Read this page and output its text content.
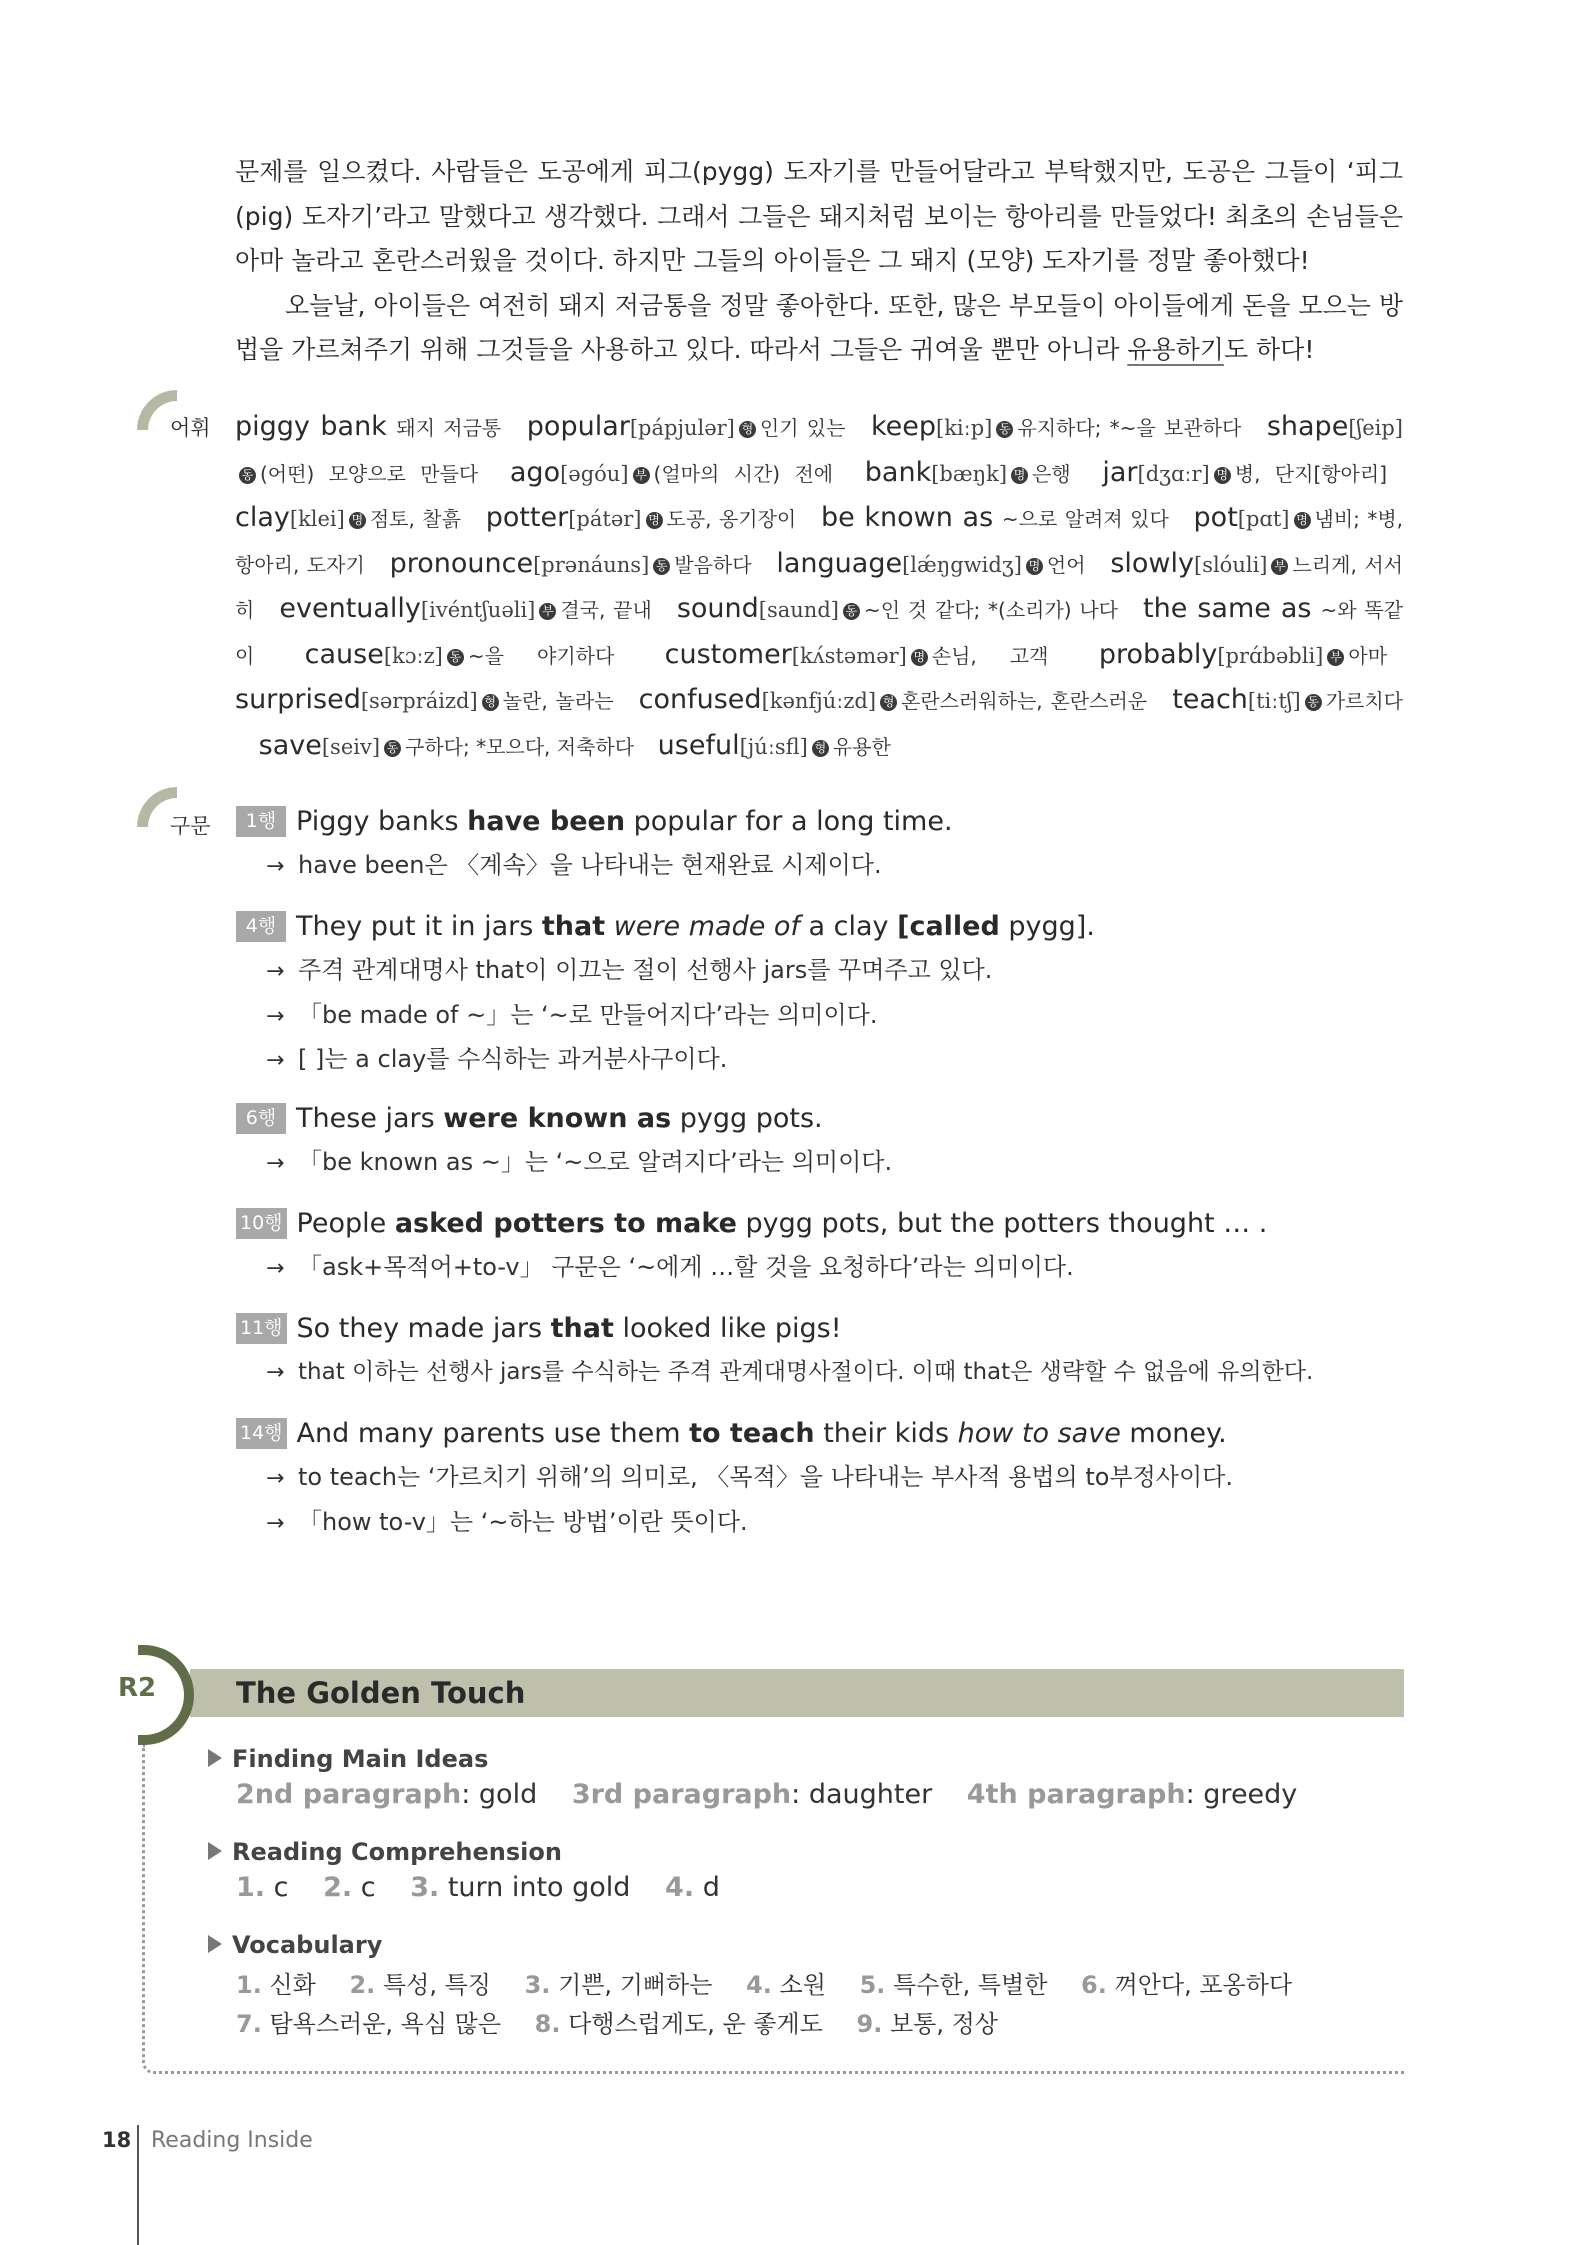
문제를 일으켰다. 사람들은 도공에게 피그(pygg) 도자기를 만들어달라고 부탁했지만, 도공은 그들이 ‘피그(pig) 도자기’라고 말했다고 생각했다. 그래서 그들은 돼지처럼 보이는 항아리를 만들었다! 최초의 손님들은 아마 놀라고 혼란스러웠을 것이다. 하지만 그들의 아이들은 그 돼지 (모양) 도자기를 정말 좋아했다!

오늘날, 아이들은 여전히 돼지 저금통을 정말 좋아한다. 또한, 많은 부모들이 아이들에게 돈을 모으는 방법을 가르쳐주기 위해 그것들을 사용하고 있다. 따라서 그들은 귀여울 뿐만 아니라 유용하기도 하다!

어휘 piggy bank 돼지 저금통 popular[pápjulər] 형 인기 있는 keep[kiːp] 동 유지하다; *~을 보관하다 shape[ʃeip]동 (어떤) 모양으로 만들다 ago[əgóu] 부 (얼마의 시간) 전에 bank[bæŋk] 명 은행 jar[dʒɑːr] 명 병, 단지[항아리] clay[klei] 명 점토, 찰흙 potter[pátər] 명 도공, 옹기장이 be known as ~으로 알려져 있다 pot[pɑt] 명 냄비; *병, 항아리, 도자기 pronounce[prənáuns] 동 발음하다 language[lǽŋgwidʒ] 명 언어 slowly[slóuli] 부 느리게, 서서히 eventually[ivéntʃuəli] 부 결국, 끝내 sound[saund] 동 ~인 것 같다; *(소리가) 나다 the same as ~와 똑같이 cause[kɔːz] 동 ~을 야기하다 customer[kʌ́stəmər] 명 손님, 고객 probably[prɑ́bəbli] 부 아마 surprised[sərpráizd] 형 놀란, 놀라는 confused[kənfjúːzd] 형 혼란스러워하는, 혼란스러운 teach[tiːtʃ] 동 가르치다 save[seiv] 동 구하다; *모으다, 저축하다 useful[júːsfl] 형 유용한
구문	1행 Piggy banks have been popular for a long time.
→ have been은 〈계속〉을 나타내는 현재완료 시제이다.
4행 They put it in jars that were made of a clay [called pygg].
→ 주격 관계대명사 that이 이끄는 절이 선행사 jars를 꾸며주고 있다.
→ 「be made of ~」는 ‘~로 만들어지다’라는 의미이다.
→ [ ]는 a clay를 수식하는 과거분사구이다.
6행 These jars were known as pygg pots.
→ 「be known as ~」는 ‘~으로 알려지다’라는 의미이다.
10행 People asked potters to make pygg pots, but the potters thought … .
→ 「ask+목적어+to-v」 구문은 ‘~에게 …할 것을 요청하다’라는 의미이다.
11행 So they made jars that looked like pigs!
→ that 이하는 선행사 jars를 수식하는 주격 관계대명사절이다. 이때 that은 생략할 수 없음에 유의한다.
14행 And many parents use them to teach their kids how to save money.
→ to teach는 ‘가르치기 위해’의 의미로, 〈목적〉을 나타내는 부사적 용법의 to부정사이다.
→ 「how to-v」는 ‘~하는 방법’이란 뜻이다.
R2	The Golden Touch
Finding Main Ideas
2nd paragraph: gold 3rd paragraph: daughter 4th paragraph: greedy
Reading Comprehension
1. c 2. c 3. turn into gold 4. d
Vocabulary
1. 신화 2. 특성, 특징 3. 기쁜, 기뻐하는 4. 소원 5. 특수한, 특별한 6. 껴안다, 포옹하다
7. 탐욕스러운, 욕심 많은 8. 다행스럽게도, 운 좋게도 9. 보통, 정상
18 Reading Inside
